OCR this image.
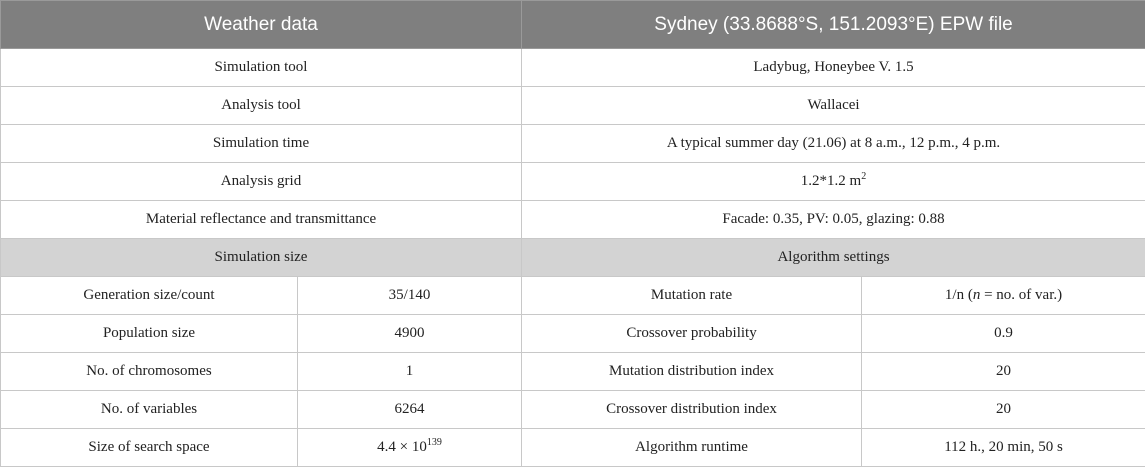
Weather data		Sydney (33.8688°S, 151.2093°E) EPW file	
Simulation tool		Ladybug, Honeybee V. 1.5	
Analysis tool		Wallacei	
Simulation time		A typical summer day (21.06) at 8 a.m., 12 p.m., 4 p.m.	
Analysis grid		1.2*1.2 $m^2$
Material reflectance and transmittance		Facade: 0.35, PV: 0.05, glazing: 0.88	
Simulation size		Algorithm settings	
Generation size/count	35/140	Mutation rate	1/n (n = no. of var.)
Population size	4900	Crossover probability	0.9
No. of chromosomes	1	Mutation distribution index	20
No. of variables	6264	Crossover distribution index	20
Size of search space	$4.4 \times 10^{139}$	Algorithm runtime	112 h., 20 min, 50 s
